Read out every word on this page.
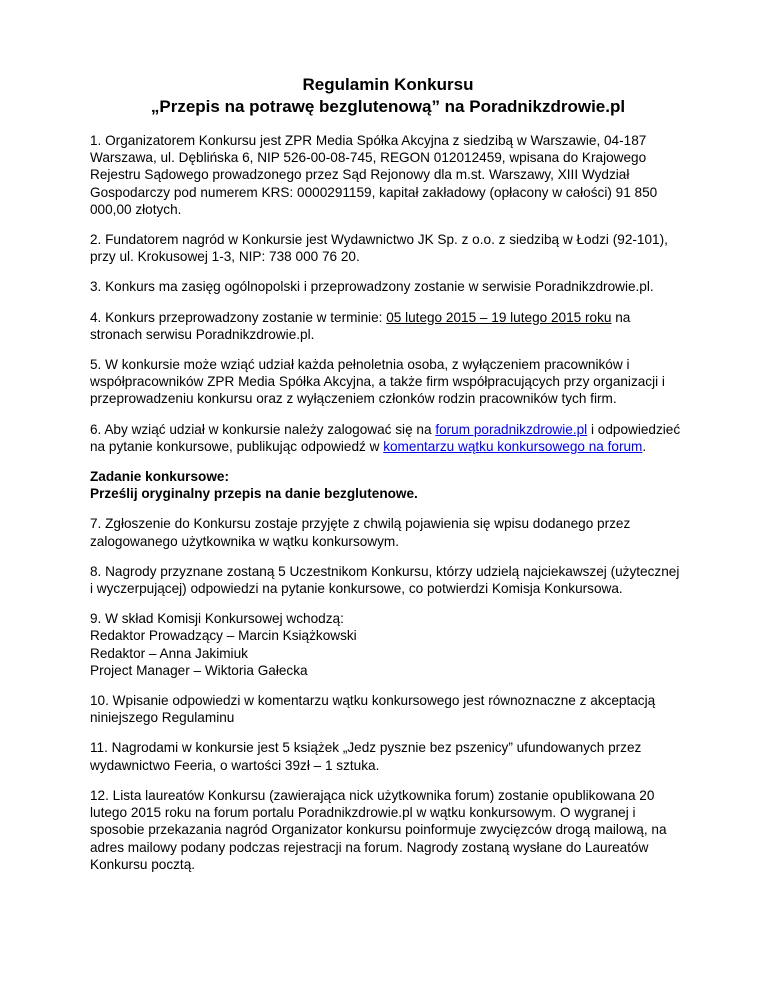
Regulamin Konkursu
„Przepis na potrawę bezglutenową” na Poradnikzdrowie.pl

1. Organizatorem Konkursu jest ZPR Media Spółka Akcyjna z siedzibą w Warszawie, 04-187 Warszawa, ul. Dęblińska 6, NIP 526-00-08-745, REGON 012012459, wpisana do Krajowego Rejestru Sądowego prowadzonego przez Sąd Rejonowy dla m.st. Warszawy, XIII Wydział Gospodarczy pod numerem KRS: 0000291159, kapitał zakładowy (opłacony w całości) 91 850 000,00 złotych.

2. Fundatorem nagród w Konkursie jest Wydawnictwo JK Sp. z o.o. z siedzibą w Łodzi (92-101), przy ul. Krokusowej 1-3, NIP: 738 000 76 20.

3. Konkurs ma zasięg ogólnopolski i przeprowadzony zostanie w serwisie Poradnikzdrowie.pl.

4. Konkurs przeprowadzony zostanie w terminie: 05 lutego 2015 – 19 lutego 2015 roku na stronach serwisu Poradnikzdrowie.pl.

5. W konkursie może wziąć udział każda pełnoletnia osoba, z wyłączeniem pracowników i współpracowników ZPR Media Spółka Akcyjna, a także firm współpracujących przy organizacji i przeprowadzeniu konkursu oraz z wyłączeniem członków rodzin pracowników tych firm.

6. Aby wziąć udział w konkursie należy zalogować się na forum poradnikzdrowie.pl i odpowiedzieć na pytanie konkursowe, publikując odpowiedź w komentarzu wątku konkursowego na forum.

Zadanie konkursowe:
Prześlij oryginalny przepis na danie bezglutenowe.

7. Zgłoszenie do Konkursu zostaje przyjęte z chwilą pojawienia się wpisu dodanego przez zalogowanego użytkownika w wątku konkursowym.

8. Nagrody przyznane zostaną 5 Uczestnikom Konkursu, którzy udzielą najciekawszej (użytecznej i wyczerpującej) odpowiedzi na pytanie konkursowe, co potwierdzi Komisja Konkursowa.

9. W skład Komisji Konkursowej wchodzą:
Redaktor Prowadzący – Marcin Książkowski
Redaktor – Anna Jakimiuk
Project Manager – Wiktoria Gałecka

10. Wpisanie odpowiedzi w komentarzu wątku konkursowego jest równoznaczne z akceptacją niniejszego Regulaminu

11. Nagrodami w konkursie jest 5 książek „Jedz pysznie bez pszenicy” ufundowanych przez wydawnictwo Feeria, o wartości 39zł – 1 sztuka.

12. Lista laureatów Konkursu (zawierająca nick użytkownika forum) zostanie opublikowana 20 lutego 2015 roku na forum portalu Poradnikzdrowie.pl w wątku konkursowym. O wygranej i sposobie przekazania nagród Organizator konkursu poinformuje zwycięzców drogą mailową, na adres mailowy podany podczas rejestracji na forum. Nagrody zostaną wysłane do Laureatów Konkursu pocztą.
